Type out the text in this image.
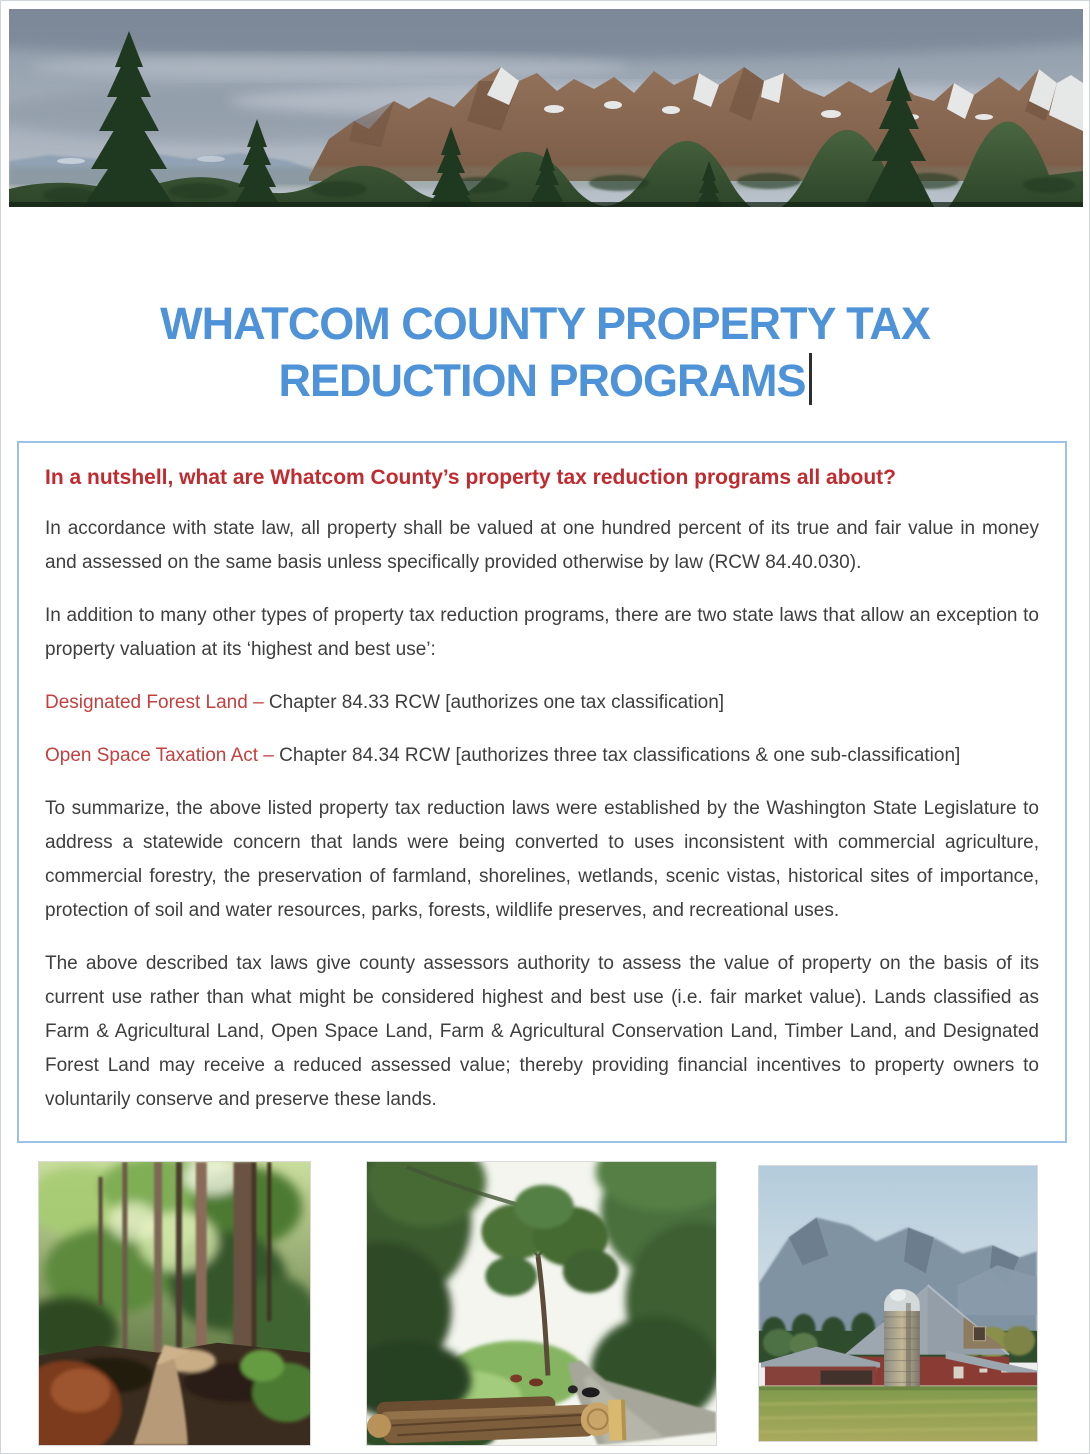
WHATCOM COUNTY PROPERTY TAX
REDUCTION PROGRAMS

In a nutshell, what are Whatcom County’s property tax reduction programs all about?

In accordance with state law, all property shall be valued at one hundred percent of its true and fair value in money and assessed on the same basis unless specifically provided otherwise by law (RCW 84.40.030).

In addition to many other types of property tax reduction programs, there are two state laws that allow an exception to property valuation at its ‘highest and best use’:

Designated Forest Land – Chapter 84.33 RCW [authorizes one tax classification]

Open Space Taxation Act – Chapter 84.34 RCW [authorizes three tax classifications & one sub-classification]

To summarize, the above listed property tax reduction laws were established by the Washington State Legislature to address a statewide concern that lands were being converted to uses inconsistent with commercial agriculture, commercial forestry, the preservation of farmland, shorelines, wetlands, scenic vistas, historical sites of importance, protection of soil and water resources, parks, forests, wildlife preserves, and recreational uses.

The above described tax laws give county assessors authority to assess the value of property on the basis of its current use rather than what might be considered highest and best use (i.e. fair market value). Lands classified as Farm & Agricultural Land, Open Space Land, Farm & Agricultural Conservation Land, Timber Land, and Designated Forest Land may receive a reduced assessed value; thereby providing financial incentives to property owners to voluntarily conserve and preserve these lands.
